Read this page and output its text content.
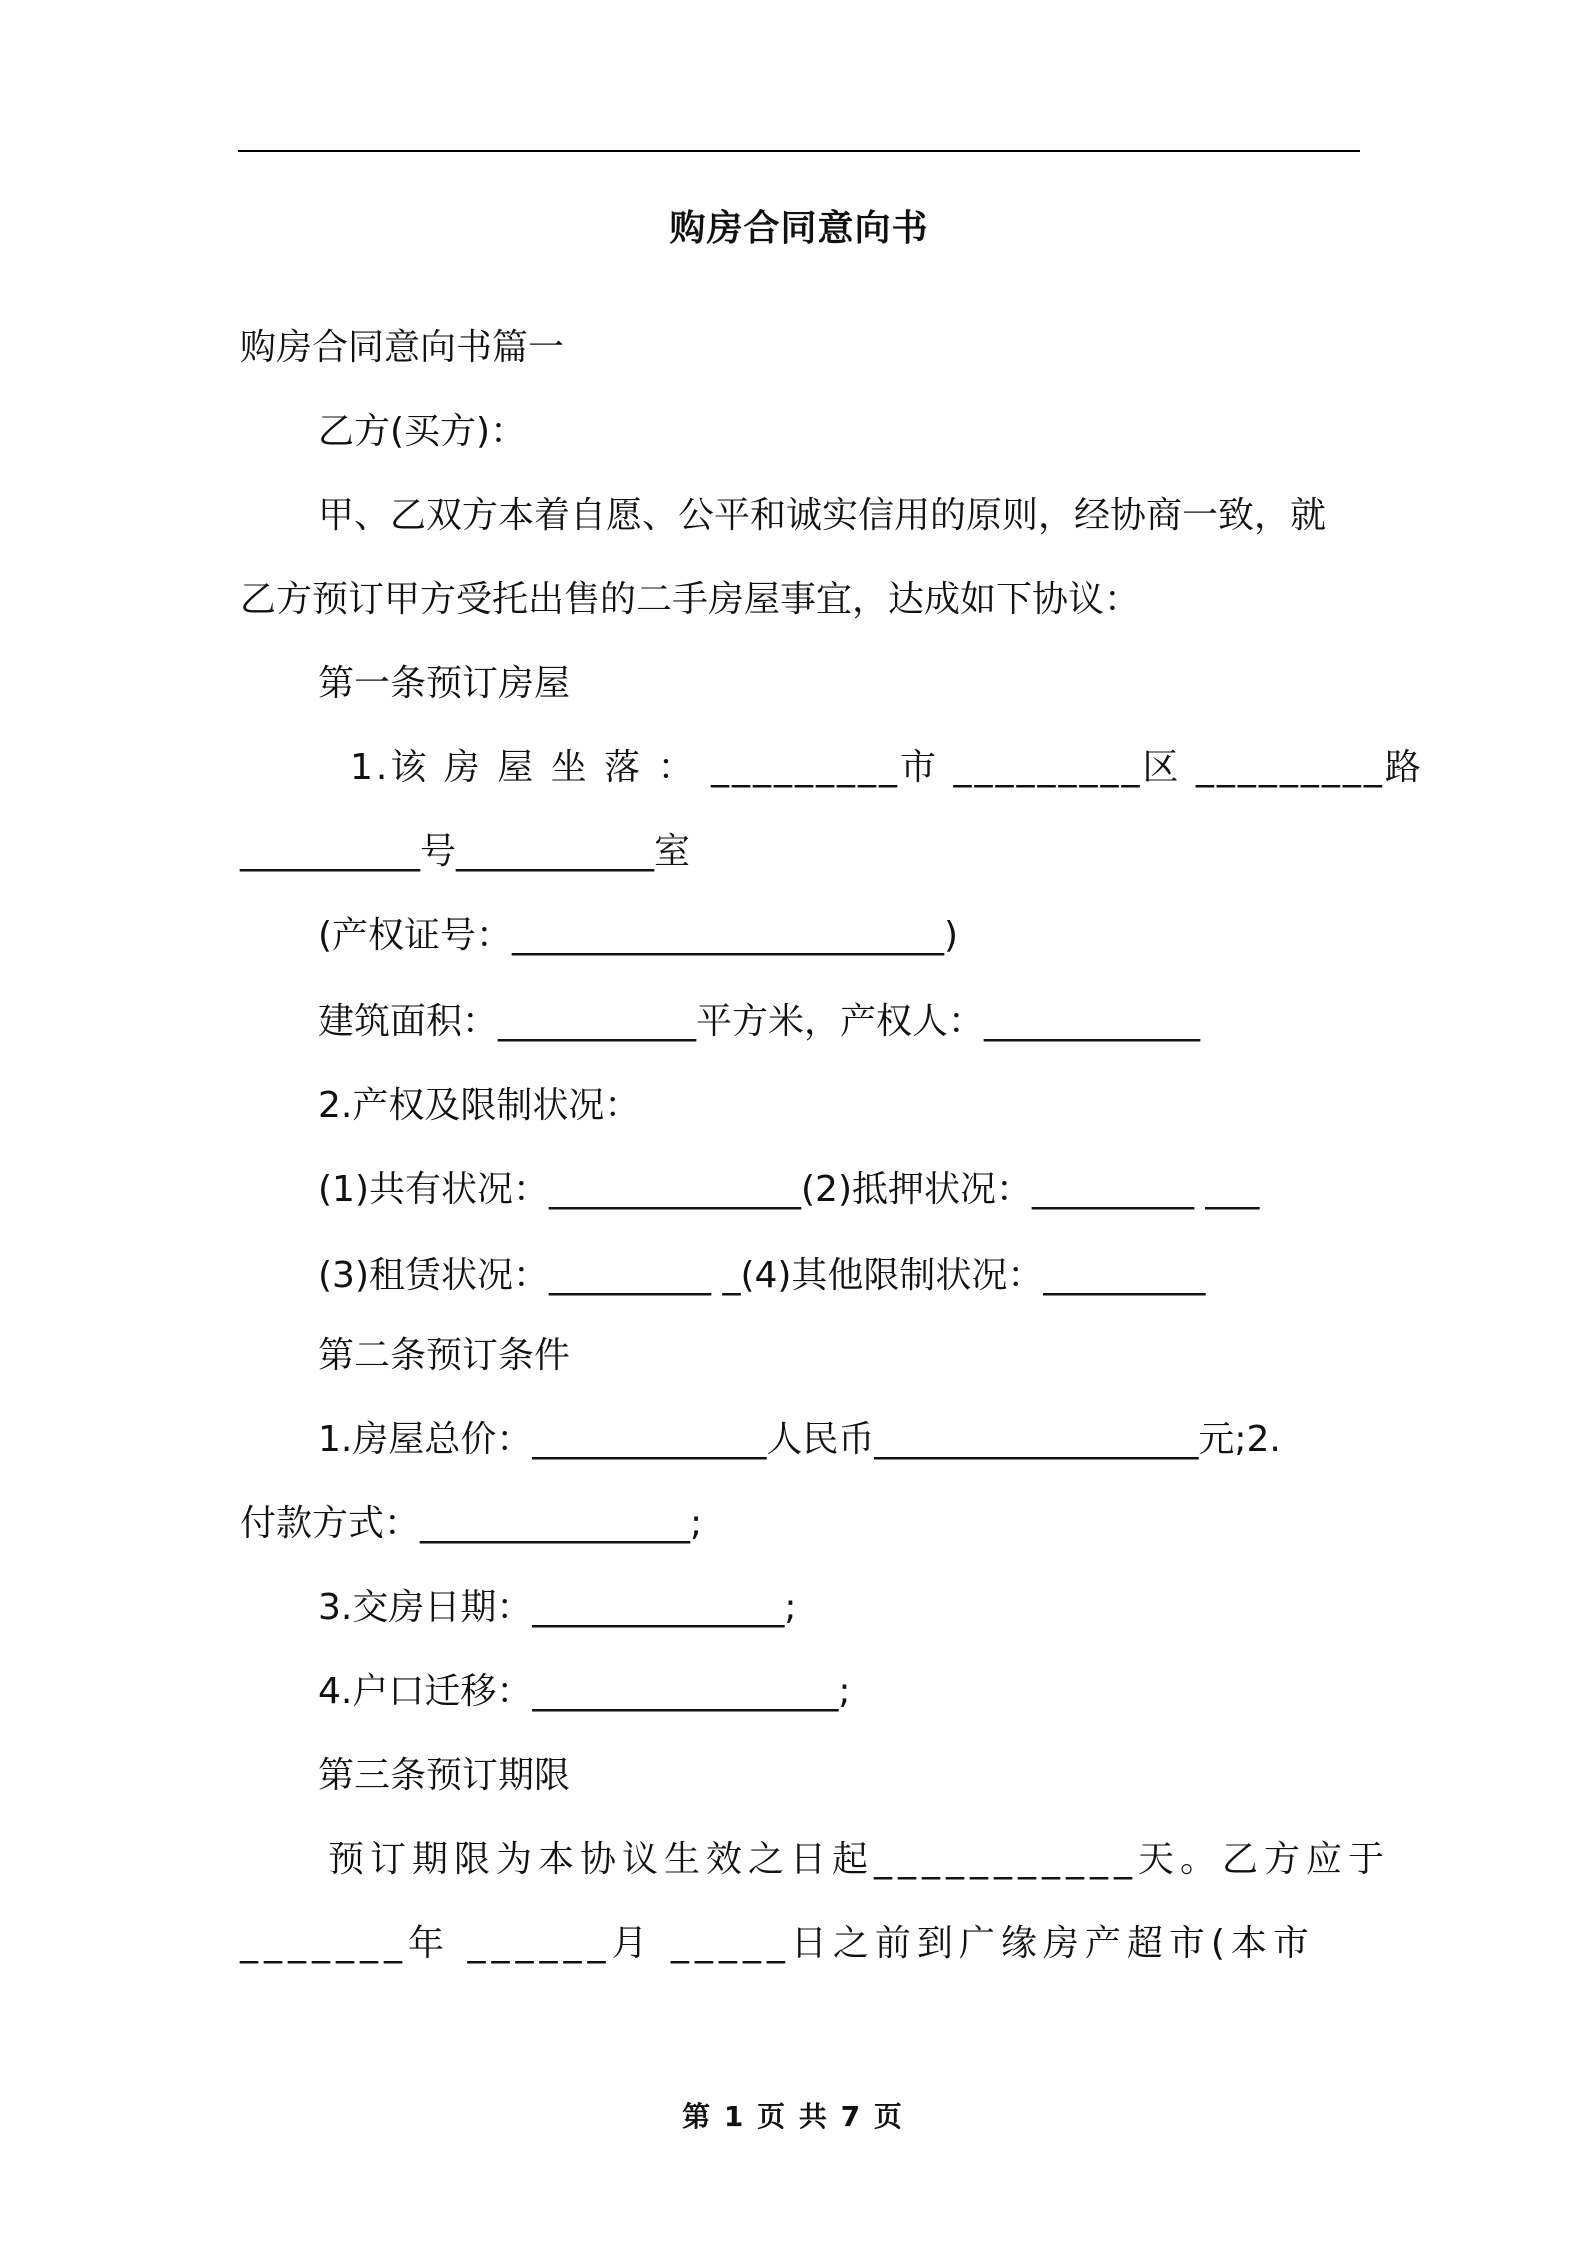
购房合同意向书
购房合同意向书篇一
乙方(买方)：
甲、乙双方本着自愿、公平和诚实信用的原则，经协商一致，就
乙方预订甲方受托出售的二手房屋事宜，达成如下协议：
第一条预订房屋
1.该 房 屋 坐 落 ： _________市 _________区 _________路
__________号___________室
(产权证号：________________________)
建筑面积：___________平方米，产权人：____________
2.产权及限制状况：
(1)共有状况：______________(2)抵押状况：_________ ___
(3)租赁状况：_________ _(4)其他限制状况：_________
第二条预订条件
1.房屋总价：_____________人民币__________________元;2.
付款方式：_______________;
3.交房日期：______________;
4.户口迁移：_________________;
第三条预订期限
预订期限为本协议生效之日起___________天。乙方应于
_______年 ______月 _____日之前到广缘房产超市(本市
第 1 页 共 7 页
